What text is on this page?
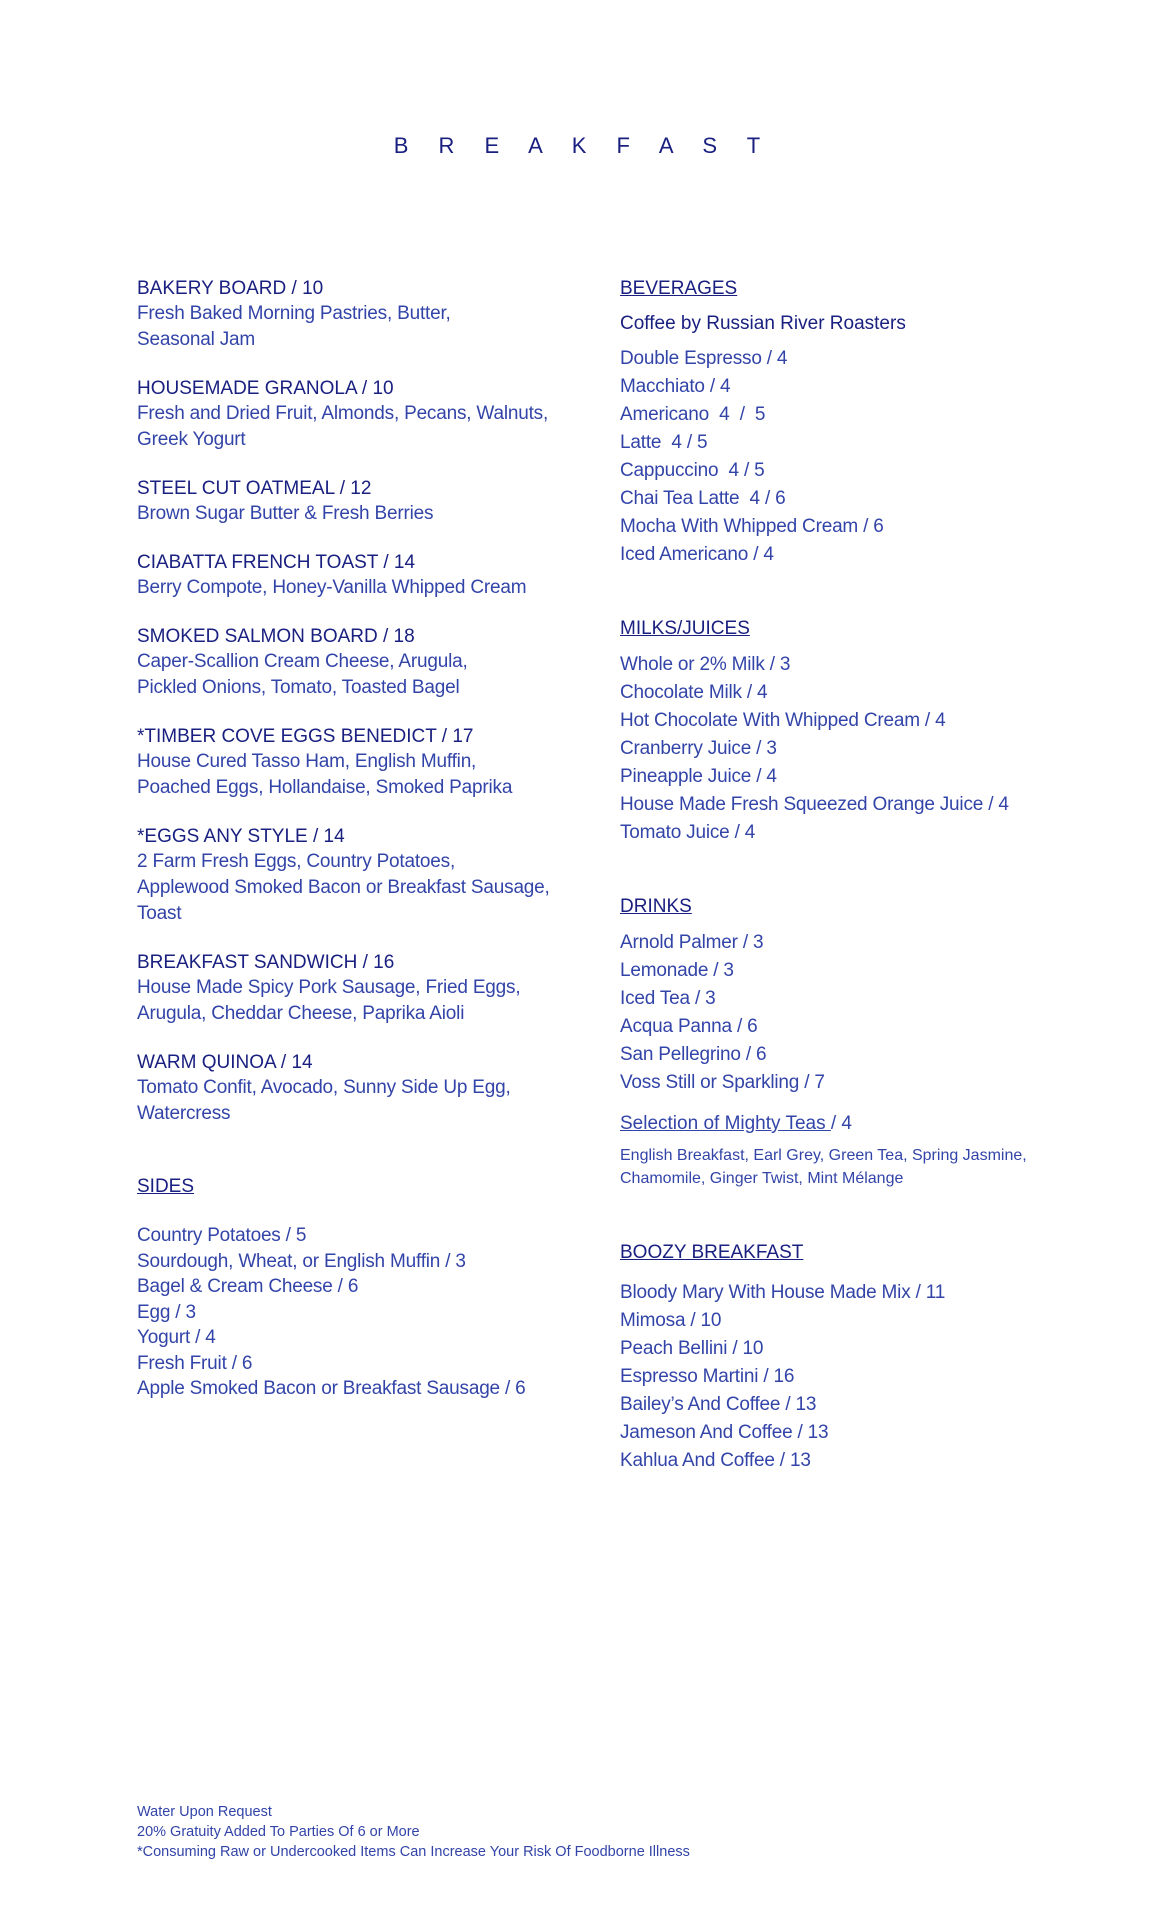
B R E A K F A S T
BAKERY BOARD / 10
Fresh Baked Morning Pastries, Butter,
Seasonal Jam
HOUSEMADE GRANOLA / 10
Fresh and Dried Fruit, Almonds, Pecans, Walnuts,
Greek Yogurt
STEEL CUT OATMEAL / 12
Brown Sugar Butter & Fresh Berries
CIABATTA FRENCH TOAST / 14
Berry Compote, Honey-Vanilla Whipped Cream
SMOKED SALMON BOARD / 18
Caper-Scallion Cream Cheese, Arugula,
Pickled Onions, Tomato, Toasted Bagel
*TIMBER COVE EGGS BENEDICT / 17
House Cured Tasso Ham, English Muffin,
Poached Eggs, Hollandaise, Smoked Paprika
*EGGS ANY STYLE / 14
2 Farm Fresh Eggs, Country Potatoes,
Applewood Smoked Bacon or Breakfast Sausage,
Toast
BREAKFAST SANDWICH / 16
House Made Spicy Pork Sausage, Fried Eggs,
Arugula, Cheddar Cheese, Paprika Aioli
WARM QUINOA / 14
Tomato Confit, Avocado, Sunny Side Up Egg,
Watercress
SIDES
Country Potatoes / 5
Sourdough, Wheat, or English Muffin / 3
Bagel & Cream Cheese / 6
Egg / 3
Yogurt / 4
Fresh Fruit / 6
Apple Smoked Bacon or Breakfast Sausage / 6
BEVERAGES
Coffee by Russian River Roasters
Double Espresso / 4
Macchiato / 4
Americano  4  /  5
Latte  4 / 5
Cappuccino  4 / 5
Chai Tea Latte  4 / 6
Mocha With Whipped Cream / 6
Iced Americano / 4
MILKS/JUICES
Whole or 2% Milk / 3
Chocolate Milk / 4
Hot Chocolate With Whipped Cream / 4
Cranberry Juice / 3
Pineapple Juice / 4
House Made Fresh Squeezed Orange Juice / 4
Tomato Juice / 4
DRINKS
Arnold Palmer / 3
Lemonade / 3
Iced Tea / 3
Acqua Panna / 6
San Pellegrino / 6
Voss Still or Sparkling / 7
Selection of Mighty Teas / 4
English Breakfast, Earl Grey, Green Tea, Spring Jasmine,
Chamomile, Ginger Twist, Mint Mélange
BOOZY BREAKFAST
Bloody Mary With House Made Mix / 11
Mimosa / 10
Peach Bellini / 10
Espresso Martini / 16
Bailey’s And Coffee / 13
Jameson And Coffee / 13
Kahlua And Coffee / 13
Water Upon Request
20% Gratuity Added To Parties Of 6 or More
*Consuming Raw or Undercooked Items Can Increase Your Risk Of Foodborne Illness
